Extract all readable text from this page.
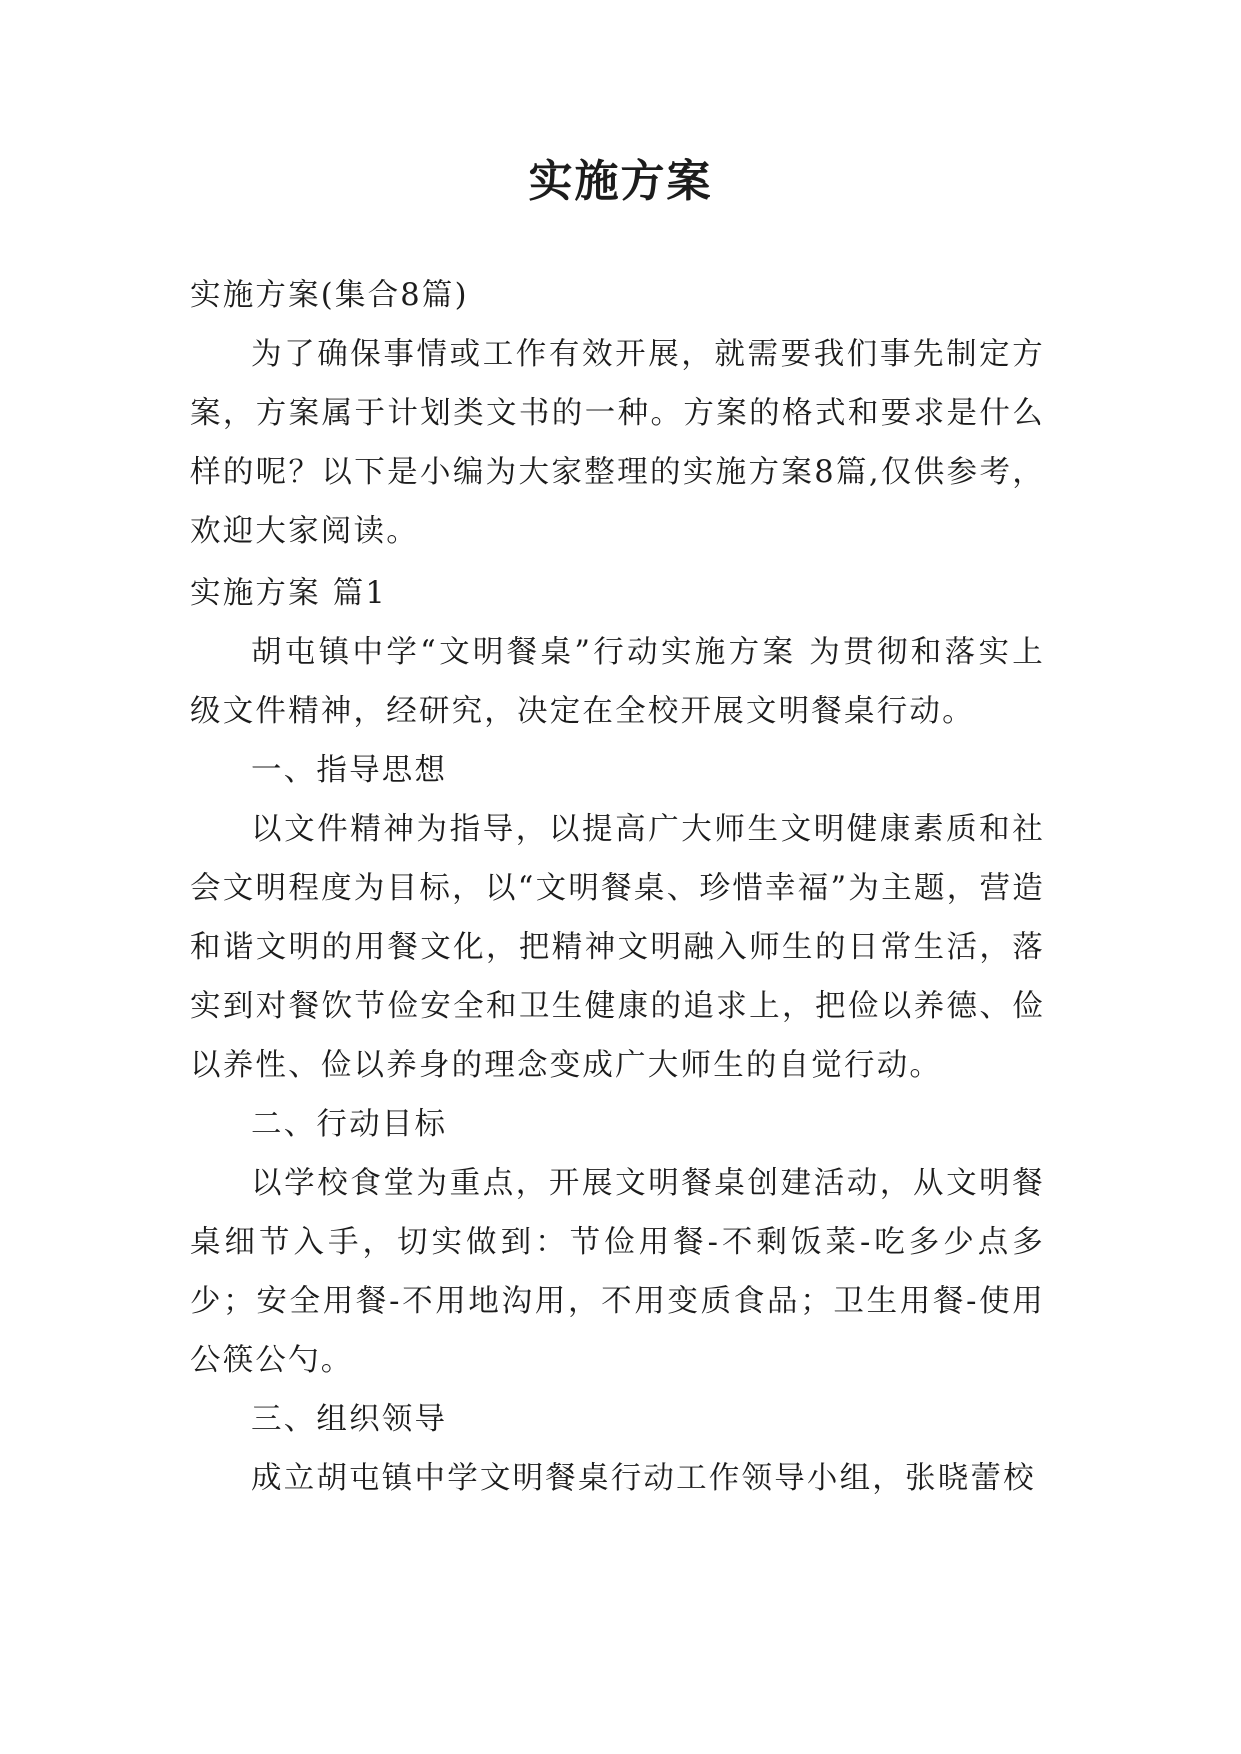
实施方案

实施方案(集合8篇)

为了确保事情或工作有效开展，就需要我们事先制定方案，方案属于计划类文书的一种。方案的格式和要求是什么样的呢？以下是小编为大家整理的实施方案8篇,仅供参考，欢迎大家阅读。

实施方案 篇1

胡屯镇中学“文明餐桌”行动实施方案 为贯彻和落实上级文件精神，经研究，决定在全校开展文明餐桌行动。

一、指导思想

以文件精神为指导，以提高广大师生文明健康素质和社会文明程度为目标，以“文明餐桌、珍惜幸福”为主题，营造和谐文明的用餐文化，把精神文明融入师生的日常生活，落实到对餐饮节俭安全和卫生健康的追求上，把俭以养德、俭以养性、俭以养身的理念变成广大师生的自觉行动。

二、行动目标

以学校食堂为重点，开展文明餐桌创建活动，从文明餐桌细节入手，切实做到：节俭用餐-不剩饭菜-吃多少点多少；安全用餐-不用地沟用，不用变质食品；卫生用餐-使用公筷公勺。

三、组织领导

成立胡屯镇中学文明餐桌行动工作领导小组，张晓蕾校
